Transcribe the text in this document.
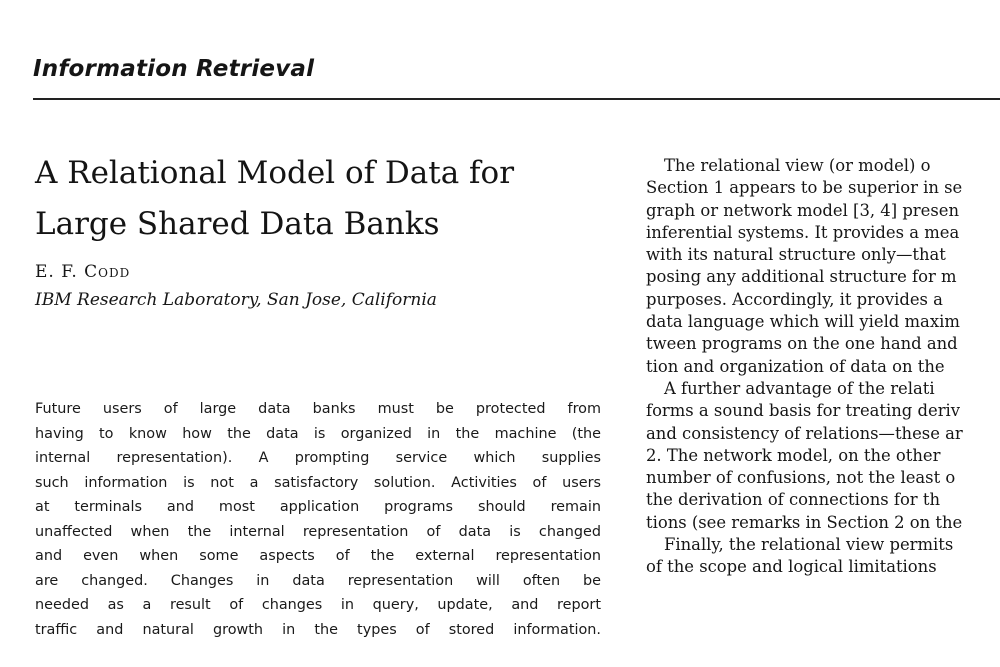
Information Retrieval
A Relational Model of Data for
Large Shared Data Banks
E. F. Codd
IBM Research Laboratory, San Jose, California
Future users of large data banks must be protected from
having to know how the data is organized in the machine (the
internal representation). A prompting service which supplies
such information is not a satisfactory solution. Activities of users
at terminals and most application programs should remain
unaffected when the internal representation of data is changed
and even when some aspects of the external representation
are changed. Changes in data representation will often be
needed as a result of changes in query, update, and report
traffic and natural growth in the types of stored information.
The relational view (or model) o
Section 1 appears to be superior in se
graph or network model [3, 4] presen
inferential systems. It provides a mea
with its natural structure only—that
posing any additional structure for m
purposes. Accordingly, it provides a
data language which will yield maxim
tween programs on the one hand and
tion and organization of data on the
A further advantage of the relati
forms a sound basis for treating deriv
and consistency of relations—these ar
2. The network model, on the other
number of confusions, not the least o
the derivation of connections for th
tions (see remarks in Section 2 on the
Finally, the relational view permits
of the scope and logical limitations
